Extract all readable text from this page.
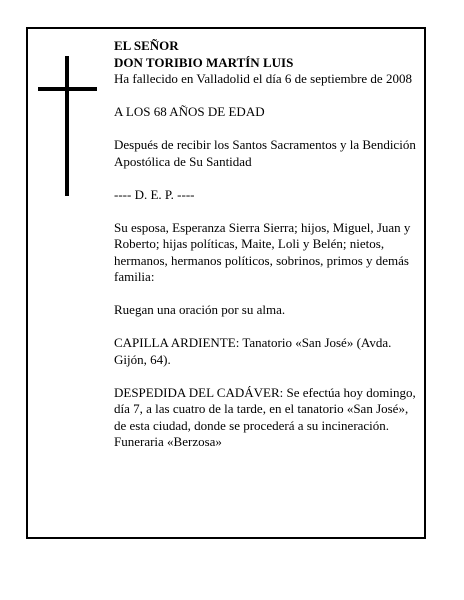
EL SEÑOR

DON TORIBIO MARTÍN LUIS

Ha fallecido en Valladolid el día 6 de septiembre de 2008

A LOS 68 AÑOS DE EDAD

Después de recibir los Santos Sacramentos y la Bendición Apostólica de Su Santidad

---- D. E. P. ----

Su esposa, Esperanza Sierra Sierra; hijos, Miguel, Juan y Roberto; hijas políticas, Maite, Loli y Belén; nietos, hermanos, hermanos políticos, sobrinos, primos y demás familia:

Ruegan una oración por su alma.

CAPILLA ARDIENTE: Tanatorio «San José» (Avda. Gijón, 64).

DESPEDIDA DEL CADÁVER: Se efectúa hoy domingo, día 7, a las cuatro de la tarde, en el tanatorio «San José», de esta ciudad, donde se procederá a su incineración.

Funeraria «Berzosa»
